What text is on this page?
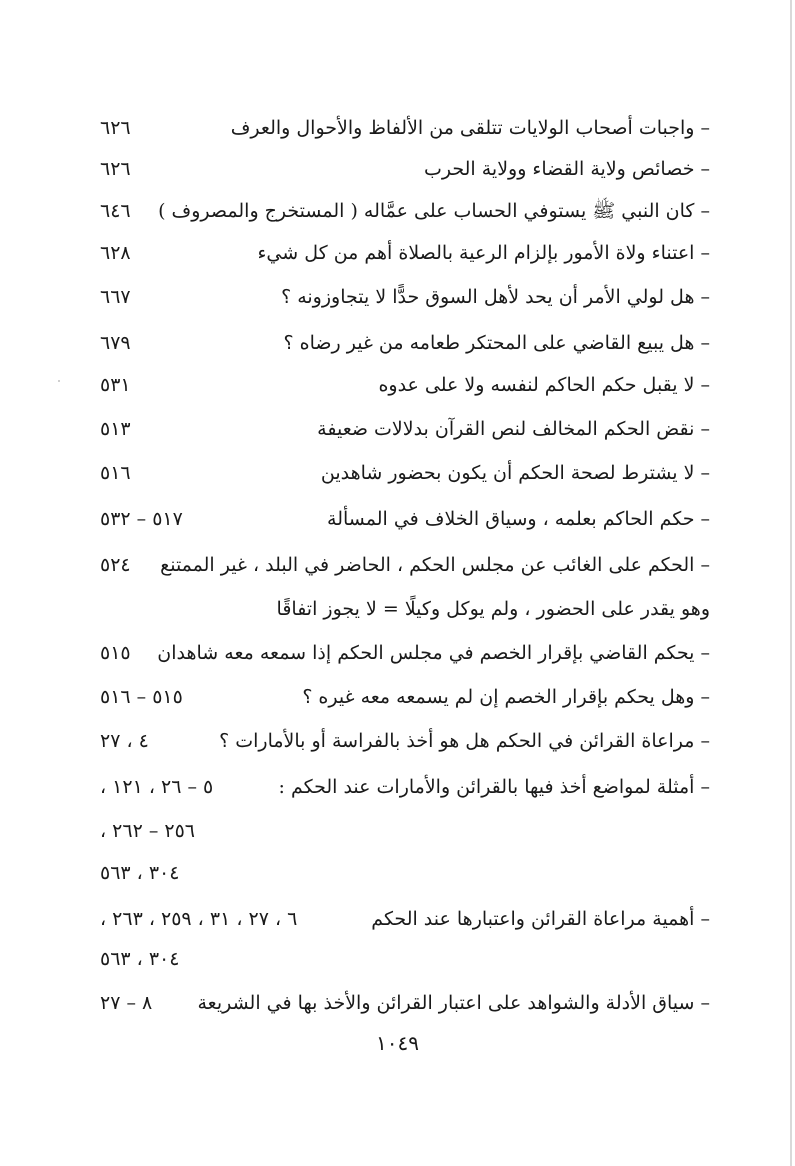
– واجبات أصحاب الولايات تتلقى من الألفاظ والأحوال والعرف
٦٢٦
– خصائص ولاية القضاء وولاية الحرب
٦٢٦
– كان النبي ﷺ يستوفي الحساب على عمَّاله ( المستخرج والمصروف )
٦٤٦
– اعتناء ولاة الأمور بإلزام الرعية بالصلاة أهم من كل شيء
٦٢٨
– هل لولي الأمر أن يحد لأهل السوق حدًّا لا يتجاوزونه ؟
٦٦٧
– هل يبيع القاضي على المحتكر طعامه من غير رضاه ؟
٦٧٩
– لا يقبل حكم الحاكم لنفسه ولا على عدوه
٥٣١
– نقض الحكم المخالف لنص القرآن بدلالات ضعيفة
٥١٣
– لا يشترط لصحة الحكم أن يكون بحضور شاهدين
٥١٦
– حكم الحاكم بعلمه ، وسياق الخلاف في المسألة
٥١٧ – ٥٣٢
– الحكم على الغائب عن مجلس الحكم ، الحاضر في البلد ، غير الممتنع
٥٢٤
وهو يقدر على الحضور ، ولم يوكل وكيلًا = لا يجوز اتفاقًا
– يحكم القاضي بإقرار الخصم في مجلس الحكم إذا سمعه معه شاهدان
٥١٥
– وهل يحكم بإقرار الخصم إن لم يسمعه معه غيره ؟
٥١٥ – ٥١٦
– مراعاة القرائن في الحكم هل هو أخذ بالفراسة أو بالأمارات ؟
٤ ، ٢٧
– أمثلة لمواضع أخذ فيها بالقرائن والأمارات عند الحكم :
٥ – ٢٦ ، ١٢١ ،
٢٥٦ – ٢٦٢ ،
٣٠٤ ، ٥٦٣
– أهمية مراعاة القرائن واعتبارها عند الحكم
٦ ، ٢٧ ، ٣١ ، ٢٥٩ ، ٢٦٣ ،
٣٠٤ ، ٥٦٣
– سياق الأدلة والشواهد على اعتبار القرائن والأخذ بها في الشريعة
٨ – ٢٧
١٠٤٩
